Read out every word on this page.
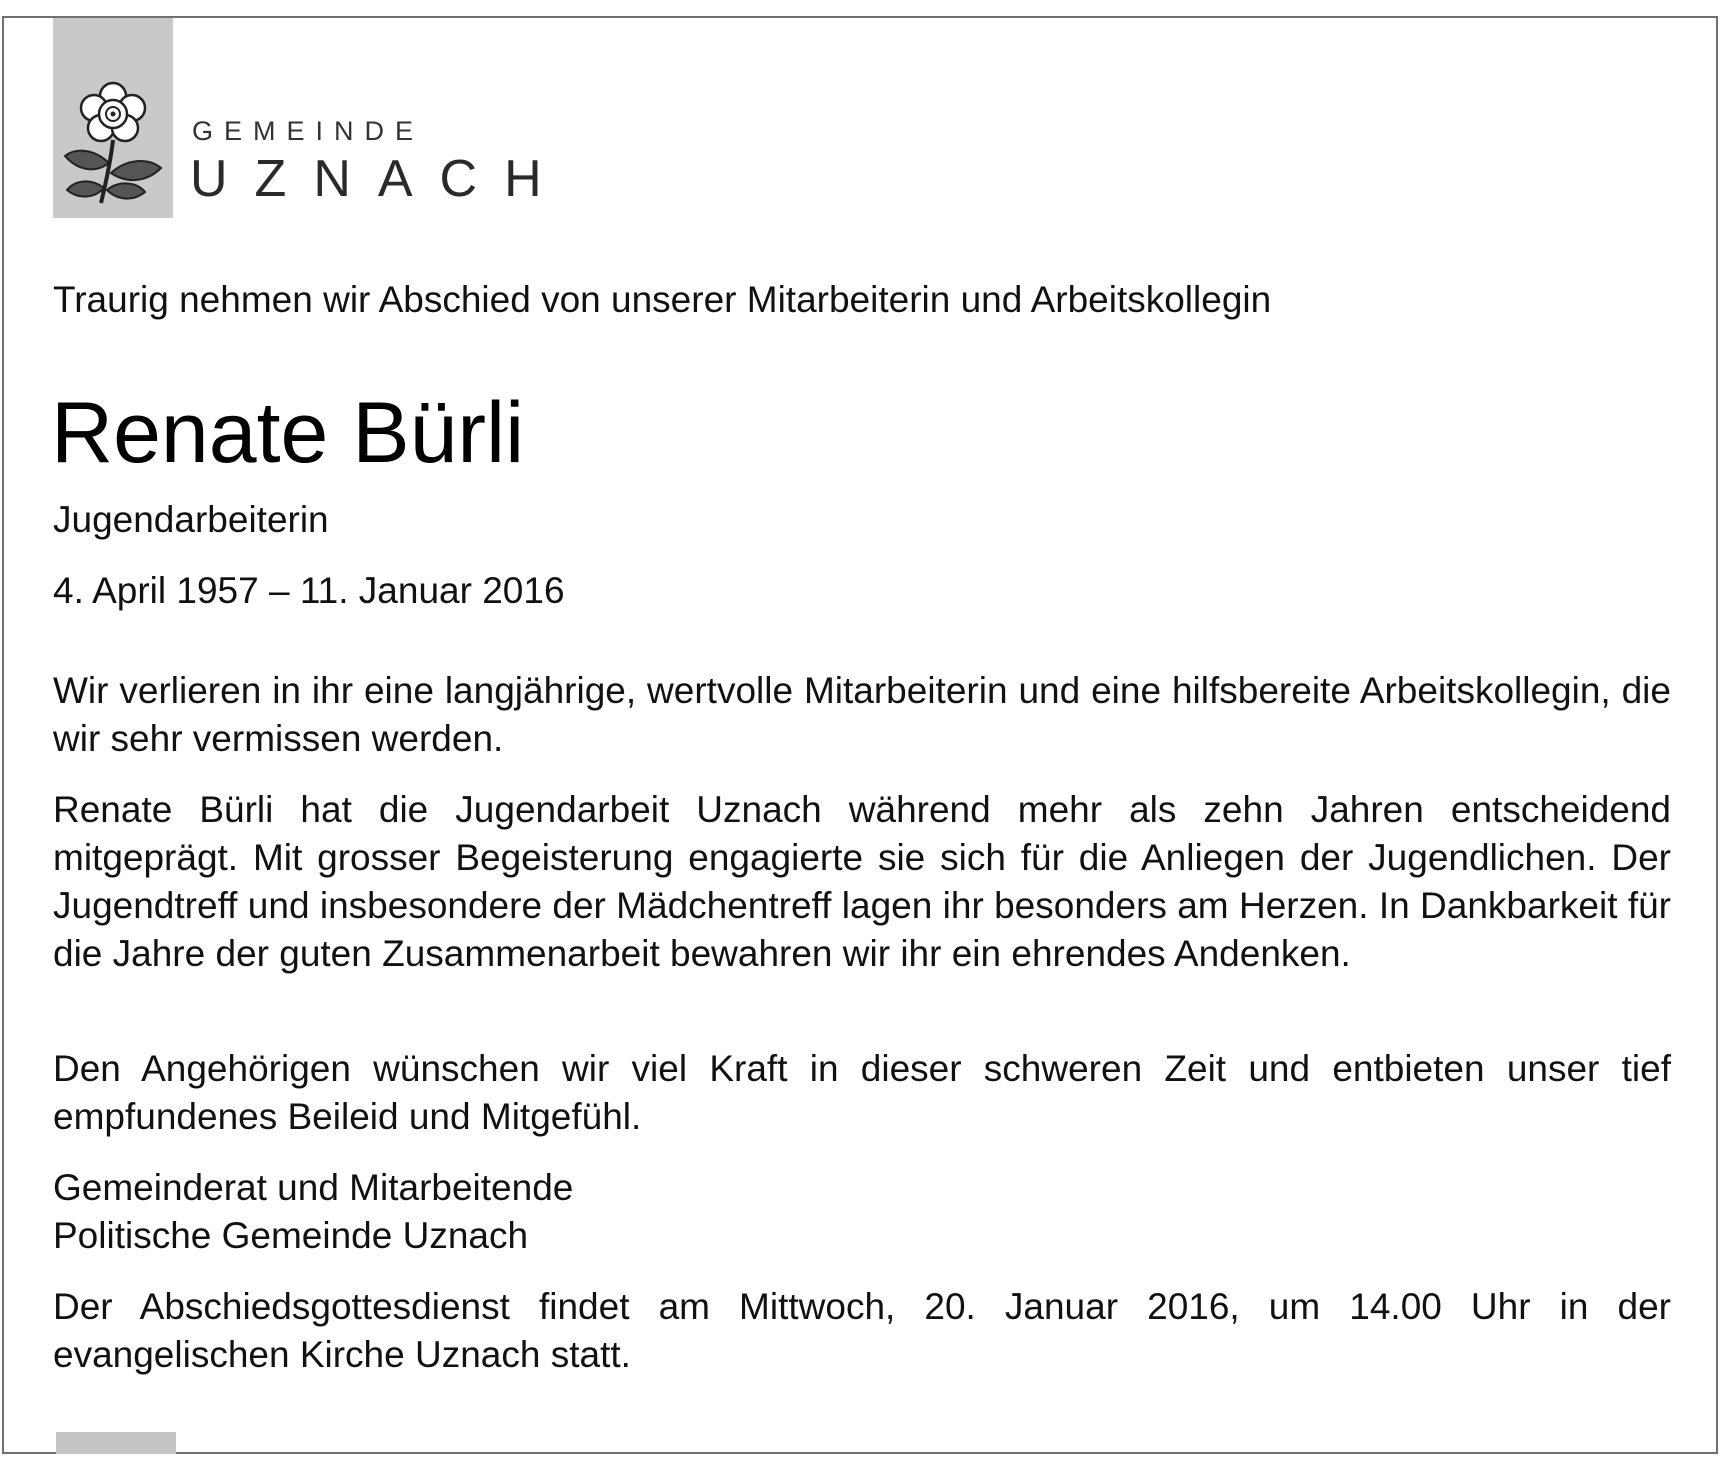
GEMEINDE
UZNACH
Traurig nehmen wir Abschied von unserer Mitarbeiterin und Arbeitskollegin
Renate Bürli
Jugendarbeiterin
4. April 1957 – 11. Januar 2016
Wir verlieren in ihr eine langjährige, wertvolle Mitarbeiterin und eine hilfsbereite Arbeitskollegin, die wir sehr vermissen werden.
Renate Bürli hat die Jugendarbeit Uznach während mehr als zehn Jahren entscheidend mitgeprägt. Mit grosser Begeisterung engagierte sie sich für die Anliegen der Jugendlichen. Der Jugendtreff und insbesondere der Mädchentreff lagen ihr besonders am Herzen. In Dankbarkeit für die Jahre der guten Zusammenarbeit bewahren wir ihr ein ehrendes Andenken.
Den Angehörigen wünschen wir viel Kraft in dieser schweren Zeit und entbieten unser tief empfundenes Beileid und Mitgefühl.
Gemeinderat und Mitarbeitende
Politische Gemeinde Uznach
Der Abschiedsgottesdienst findet am Mittwoch, 20. Januar 2016, um 14.00 Uhr in der evangelischen Kirche Uznach statt.
